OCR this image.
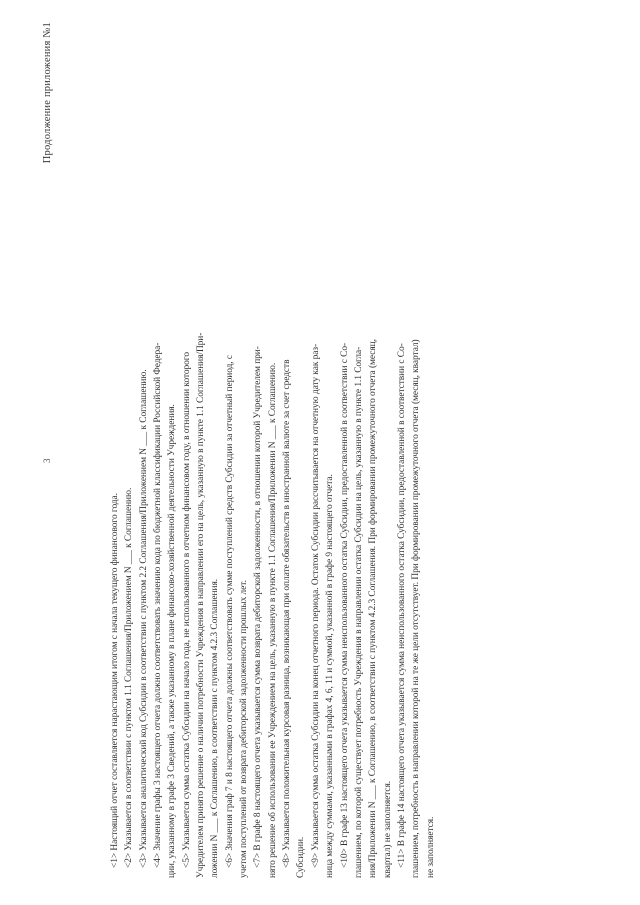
3
Продолжение приложения №1
<1> Настоящий отчет составляется нарастающим итогом с начала текущего финансового года. <2> Указывается в соответствии с пунктом 1.1 Соглашения/Приложением N ___ к Соглашению. <3> Указывается аналитический код Субсидии в соответствии с пунктом 2.2 Соглашения/Приложением N ___ к Соглашению. <4> Значение графы 3 настоящего отчета должно соответствовать значению кода по бюджетной классификации Российской Федера- ции, указанному в графе 3 Сведений, а также указанному в плане финансово-хозяйственной деятельности Учреждения. <5> Указывается сумма остатка Субсидии на начало года, не использованного в отчетном финансовом году, в отношении которого Учредителем принято решение о наличии потребности Учреждения в направлении его на цель, указанную в пункте 1.1 Соглашения/При- ложении N ___ к Соглашению, в соответствии с пунктом 4.2.3 Соглашения. <6> Значения граф 7 и 8 настоящего отчета должны соответствовать сумме поступлений средств Субсидии за отчетный период, с учетом поступлений от возврата дебиторской задолженности прошлых лет. <7> В графе 8 настоящего отчета указывается сумма возврата дебиторской задолженности, в отношении которой Учредителем при- нято решение об использовании ее Учреждением на цель, указанную в пункте 1.1 Соглашения/Приложении N ___ к Соглашению. <8> Указывается положительная курсовая разница, возникающая при оплате обязательств в иностранной валюте за счет средств Субсидии. <9> Указывается сумма остатка Субсидии на конец отчетного периода. Остаток Субсидии рассчитывается на отчетную дату как раз- ница между суммами, указанными в графах 4, 6, 11 и суммой, указанной в графе 9 настоящего отчета. <10> В графе 13 настоящего отчета указывается сумма неиспользованного остатка Субсидии, предоставленной в соответствии с Со- глашением, по которой существует потребность Учреждения в направлении остатка Субсидии на цель, указанную в пункте 1.1 Согла- ния/Приложении N ___ к Соглашению, в соответствии с пунктом 4.2.3 Соглашения. При формировании промежуточного отчета (месяц, квартал) не заполняется. <11> В графе 14 настоящего отчета указывается сумма неиспользованного остатка Субсидии, предоставленной в соответствии с Со- глашением, потребность в направлении которой на те же цели отсутствует. При формировании промежуточного отчета (месяц, квартал) не заполняется.
